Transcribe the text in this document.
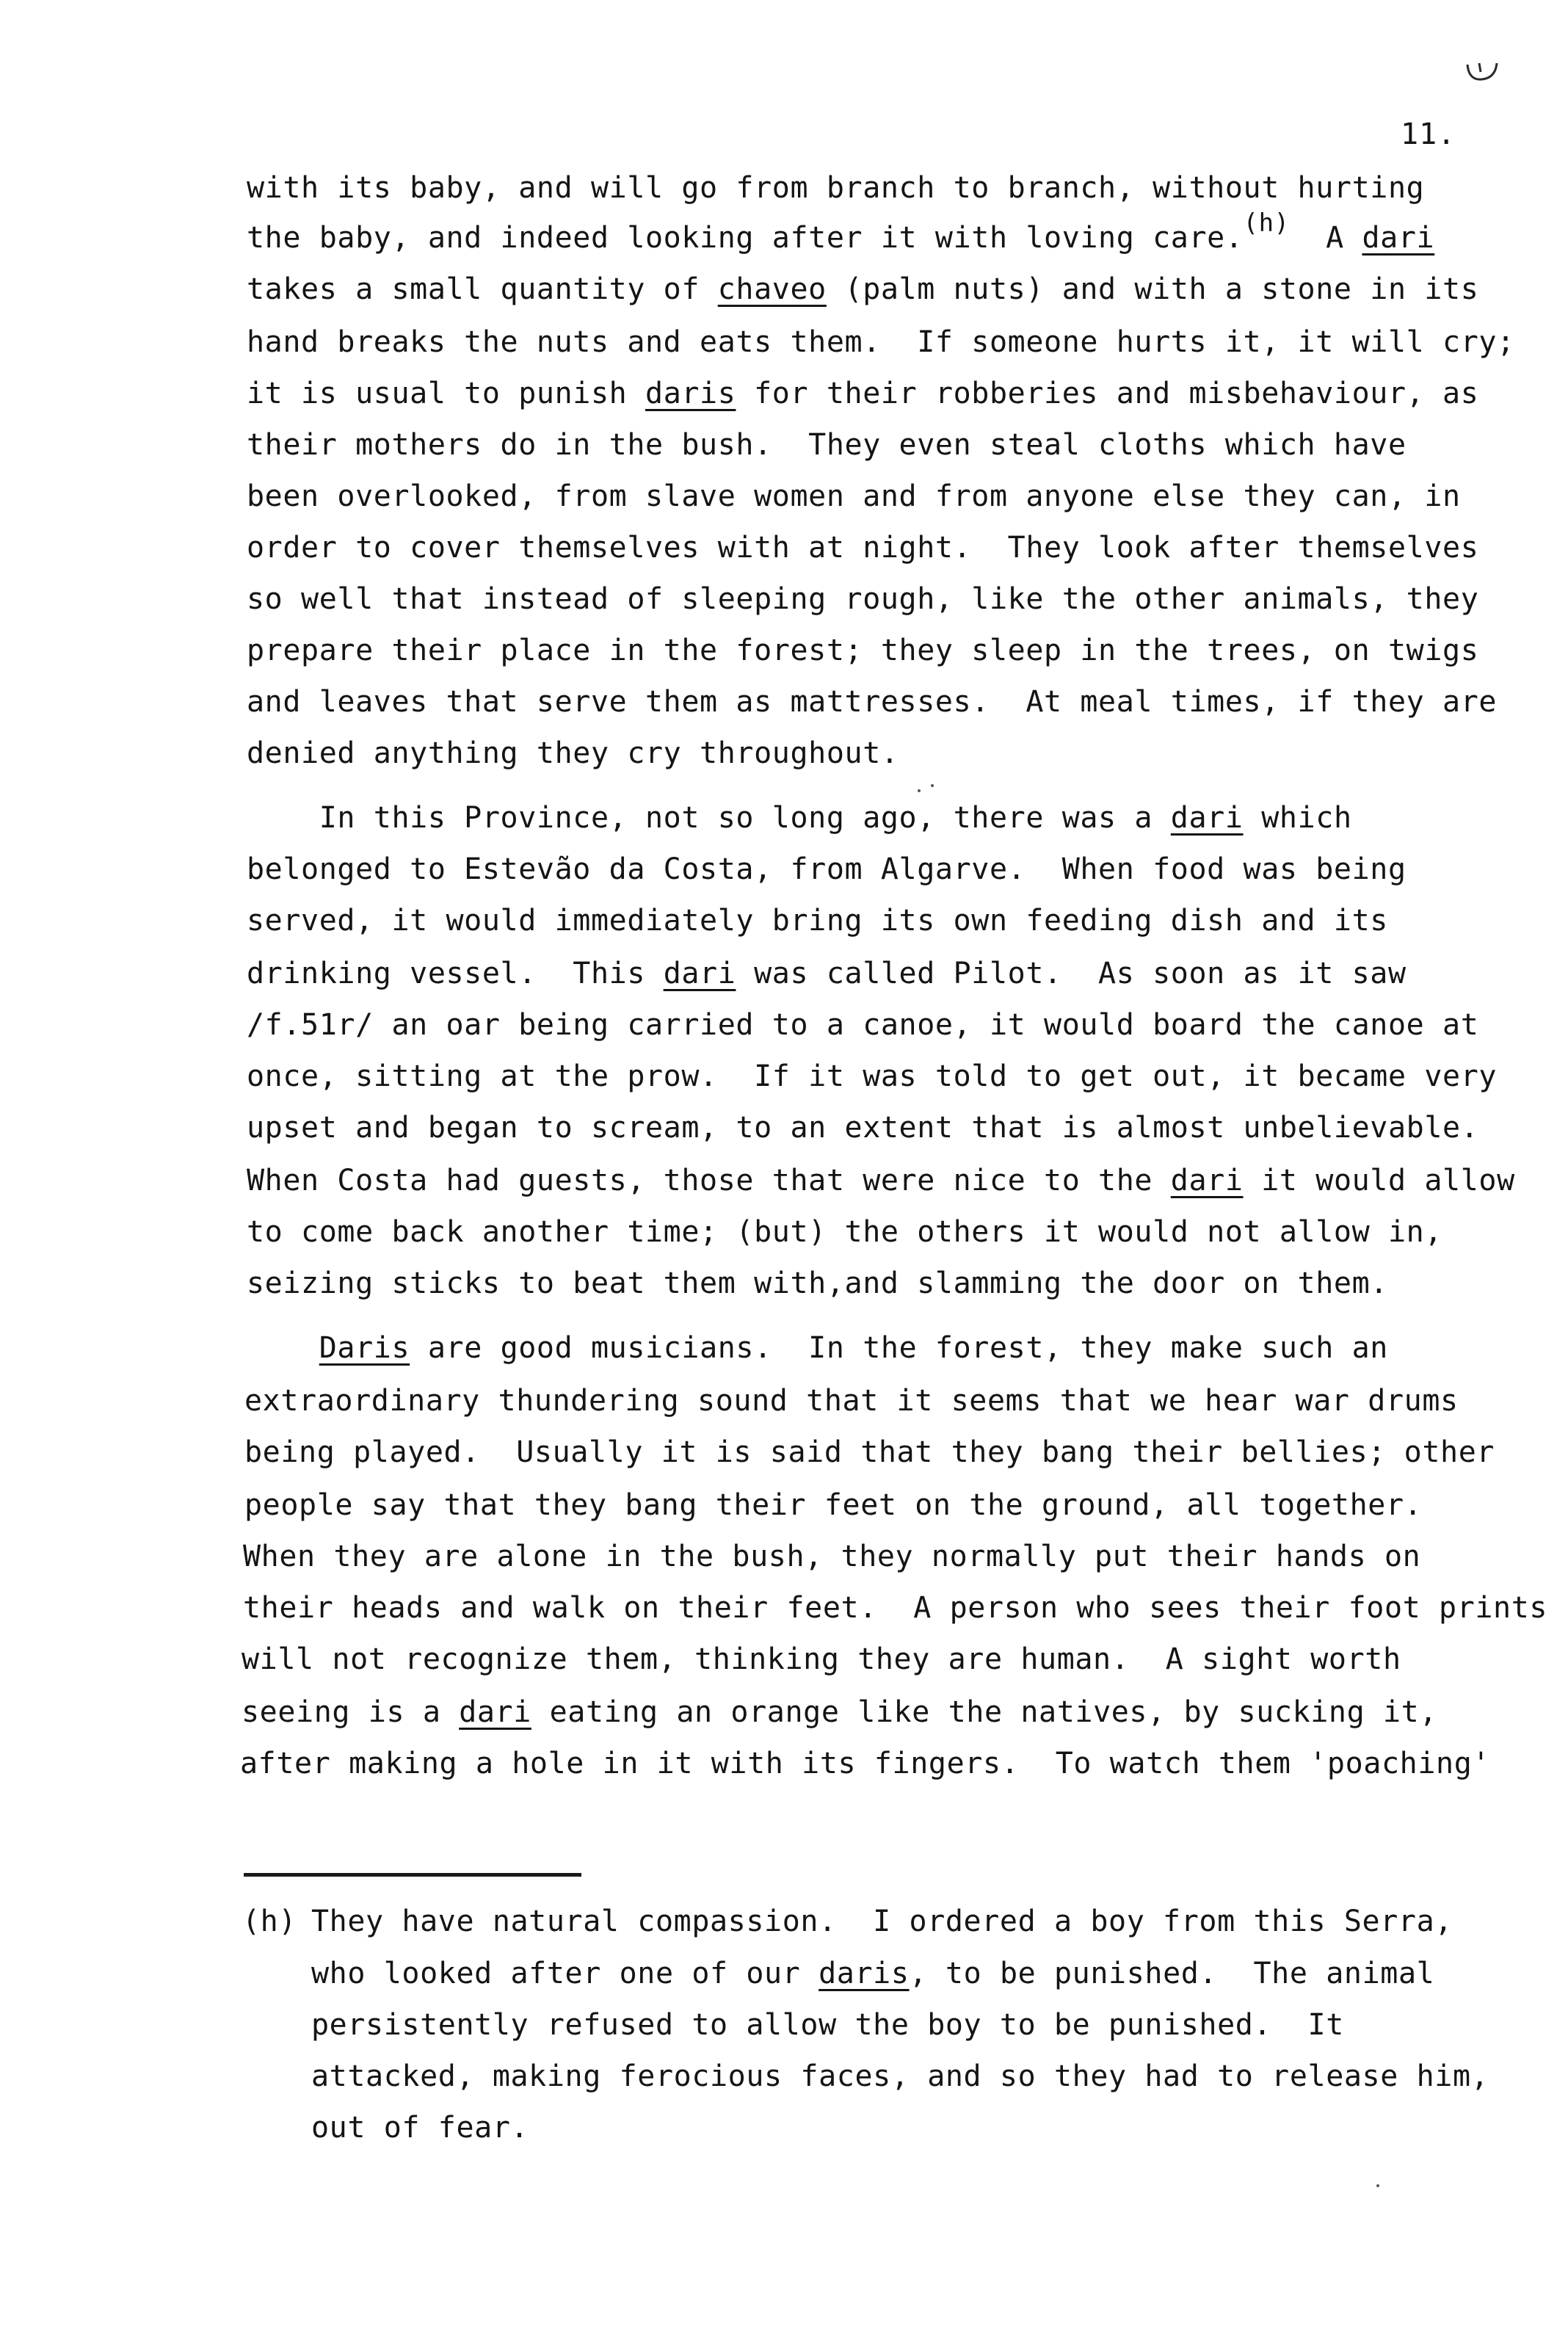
11.
with its baby, and will go from branch to branch, without hurting
the baby, and indeed looking after it with loving care.$^{(h)}$  A dari
takes a small quantity of chaveo (palm nuts) and with a stone in its
hand breaks the nuts and eats them.  If someone hurts it, it will cry;
it is usual to punish daris for their robberies and misbehaviour, as
their mothers do in the bush.  They even steal cloths which have
been overlooked, from slave women and from anyone else they can, in
order to cover themselves with at night.  They look after themselves
so well that instead of sleeping rough, like the other animals, they
prepare their place in the forest; they sleep in the trees, on twigs
and leaves that serve them as mattresses.  At meal times, if they are
denied anything they cry throughout.
In this Province, not so long ago, there was a dari which
belonged to Estevão da Costa, from Algarve.  When food was being
served, it would immediately bring its own feeding dish and its
drinking vessel.  This dari was called Pilot.  As soon as it saw
/f.51r/ an oar being carried to a canoe, it would board the canoe at
once, sitting at the prow.  If it was told to get out, it became very
upset and began to scream, to an extent that is almost unbelievable.
When Costa had guests, those that were nice to the dari it would allow
to come back another time; (but) the others it would not allow in,
seizing sticks to beat them with,and slamming the door on them.
Daris are good musicians.  In the forest, they make such an
extraordinary thundering sound that it seems that we hear war drums
being played.  Usually it is said that they bang their bellies; other
people say that they bang their feet on the ground, all together.
When they are alone in the bush, they normally put their hands on
their heads and walk on their feet.  A person who sees their foot prints
will not recognize them, thinking they are human.  A sight worth
seeing is a dari eating an orange like the natives, by sucking it,
after making a hole in it with its fingers.  To watch them 'poaching'
(h) They have natural compassion.  I ordered a boy from this Serra,
who looked after one of our daris, to be punished.  The animal
persistently refused to allow the boy to be punished.  It
attacked, making ferocious faces, and so they had to release him,
out of fear.
